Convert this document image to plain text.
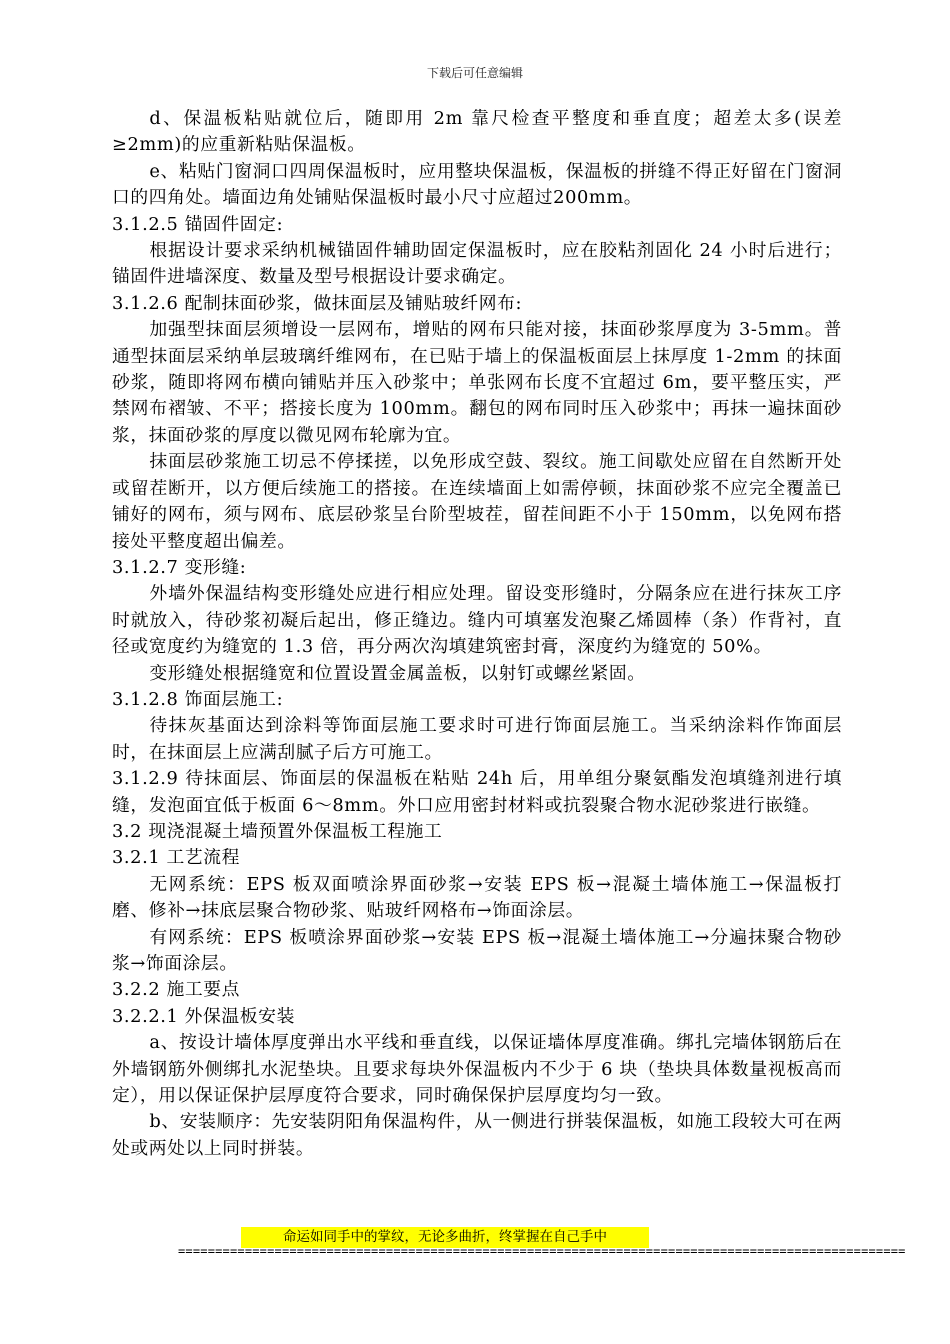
下载后可任意编辑

d、保温板粘贴就位后，随即用 2m 靠尺检查平整度和垂直度；超差太多(误差≥2mm)的应重新粘贴保温板。

e、粘贴门窗洞口四周保温板时，应用整块保温板，保温板的拼缝不得正好留在门窗洞口的四角处。墙面边角处铺贴保温板时最小尺寸应超过200mm。

3.1.2.5 锚固件固定:

根据设计要求采纳机械锚固件辅助固定保温板时，应在胶粘剂固化 24 小时后进行；锚固件进墙深度、数量及型号根据设计要求确定。

3.1.2.6 配制抹面砂浆，做抹面层及铺贴玻纤网布:

加强型抹面层须增设一层网布，增贴的网布只能对接，抹面砂浆厚度为 3-5mm。普通型抹面层采纳单层玻璃纤维网布，在已贴于墙上的保温板面层上抹厚度 1-2mm 的抹面砂浆，随即将网布横向铺贴并压入砂浆中；单张网布长度不宜超过 6m，要平整压实，严禁网布褶皱、不平；搭接长度为 100mm。翻包的网布同时压入砂浆中；再抹一遍抹面砂浆，抹面砂浆的厚度以微见网布轮廓为宜。

抹面层砂浆施工切忌不停揉搓，以免形成空鼓、裂纹。施工间歇处应留在自然断开处或留茬断开，以方便后续施工的搭接。在连续墙面上如需停顿，抹面砂浆不应完全覆盖已铺好的网布，须与网布、底层砂浆呈台阶型坡茬，留茬间距不小于 150mm，以免网布搭接处平整度超出偏差。

3.1.2.7 变形缝:

外墙外保温结构变形缝处应进行相应处理。留设变形缝时，分隔条应在进行抹灰工序时就放入，待砂浆初凝后起出，修正缝边。缝内可填塞发泡聚乙烯圆棒（条）作背衬，直径或宽度约为缝宽的 1.3 倍，再分两次沟填建筑密封膏，深度约为缝宽的 50%。

变形缝处根据缝宽和位置设置金属盖板，以射钉或螺丝紧固。

3.1.2.8 饰面层施工:

待抹灰基面达到涂料等饰面层施工要求时可进行饰面层施工。当采纳涂料作饰面层时，在抹面层上应满刮腻子后方可施工。

3.1.2.9 待抹面层、饰面层的保温板在粘贴 24h 后，用单组分聚氨酯发泡填缝剂进行填缝，发泡面宜低于板面 6～8mm。外口应用密封材料或抗裂聚合物水泥砂浆进行嵌缝。

3.2 现浇混凝土墙预置外保温板工程施工

3.2.1 工艺流程

无网系统：EPS 板双面喷涂界面砂浆→安装 EPS 板→混凝土墙体施工→保温板打磨、修补→抹底层聚合物砂浆、贴玻纤网格布→饰面涂层。

有网系统：EPS 板喷涂界面砂浆→安装 EPS 板→混凝土墙体施工→分遍抹聚合物砂浆→饰面涂层。

3.2.2 施工要点

3.2.2.1 外保温板安装

a、按设计墙体厚度弹出水平线和垂直线，以保证墙体厚度准确。绑扎完墙体钢筋后在外墙钢筋外侧绑扎水泥垫块。且要求每块外保温板内不少于 6 块（垫块具体数量视板高而定），用以保证保护层厚度符合要求，同时确保保护层厚度均匀一致。

b、安装顺序：先安装阴阳角保温构件，从一侧进行拼装保温板，如施工段较大可在两处或两处以上同时拼装。

命运如同手中的掌纹，无论多曲折，终掌握在自己手中
==================================================================================================
